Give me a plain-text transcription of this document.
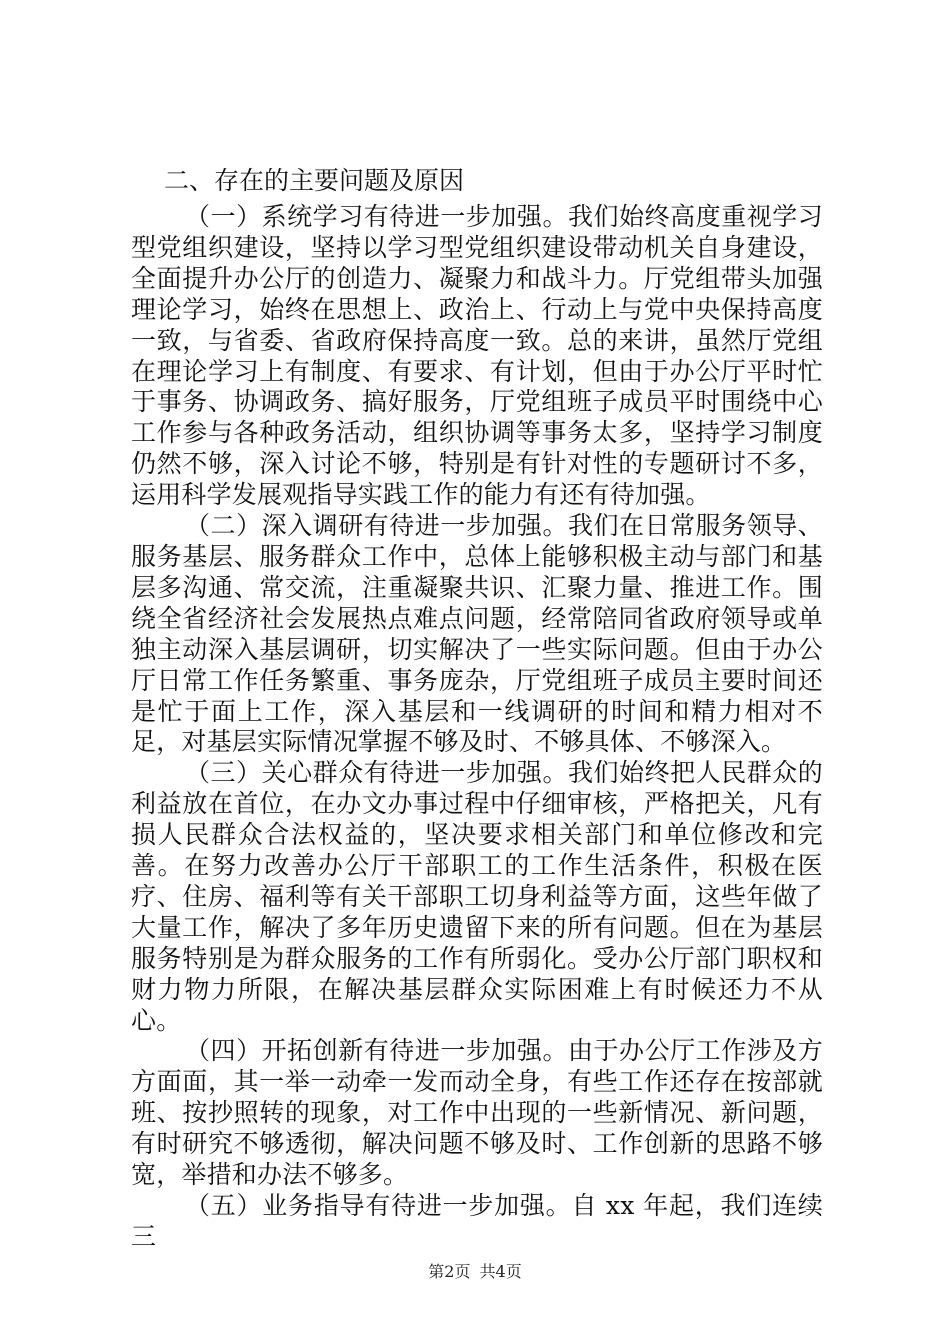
二、存在的主要问题及原因

（一）系统学习有待进一步加强。我们始终高度重视学习型党组织建设，坚持以学习型党组织建设带动机关自身建设，全面提升办公厅的创造力、凝聚力和战斗力。厅党组带头加强理论学习，始终在思想上、政治上、行动上与党中央保持高度一致，与省委、省政府保持高度一致。总的来讲，虽然厅党组在理论学习上有制度、有要求、有计划，但由于办公厅平时忙于事务、协调政务、搞好服务，厅党组班子成员平时围绕中心工作参与各种政务活动，组织协调等事务太多，坚持学习制度仍然不够，深入讨论不够，特别是有针对性的专题研讨不多，运用科学发展观指导实践工作的能力有还有待加强。

（二）深入调研有待进一步加强。我们在日常服务领导、服务基层、服务群众工作中，总体上能够积极主动与部门和基层多沟通、常交流，注重凝聚共识、汇聚力量、推进工作。围绕全省经济社会发展热点难点问题，经常陪同省政府领导或单独主动深入基层调研，切实解决了一些实际问题。但由于办公厅日常工作任务繁重、事务庞杂，厅党组班子成员主要时间还是忙于面上工作，深入基层和一线调研的时间和精力相对不足，对基层实际情况掌握不够及时、不够具体、不够深入。

（三）关心群众有待进一步加强。我们始终把人民群众的利益放在首位，在办文办事过程中仔细审核，严格把关，凡有损人民群众合法权益的，坚决要求相关部门和单位修改和完善。在努力改善办公厅干部职工的工作生活条件，积极在医疗、住房、福利等有关干部职工切身利益等方面，这些年做了大量工作，解决了多年历史遗留下来的所有问题。但在为基层服务特别是为群众服务的工作有所弱化。受办公厅部门职权和财力物力所限，在解决基层群众实际困难上有时候还力不从心。

（四）开拓创新有待进一步加强。由于办公厅工作涉及方方面面，其一举一动牵一发而动全身，有些工作还存在按部就班、按抄照转的现象，对工作中出现的一些新情况、新问题，有时研究不够透彻，解决问题不够及时、工作创新的思路不够宽，举措和办法不够多。

（五）业务指导有待进一步加强。自 xx 年起，我们连续三

第2页 共4页
